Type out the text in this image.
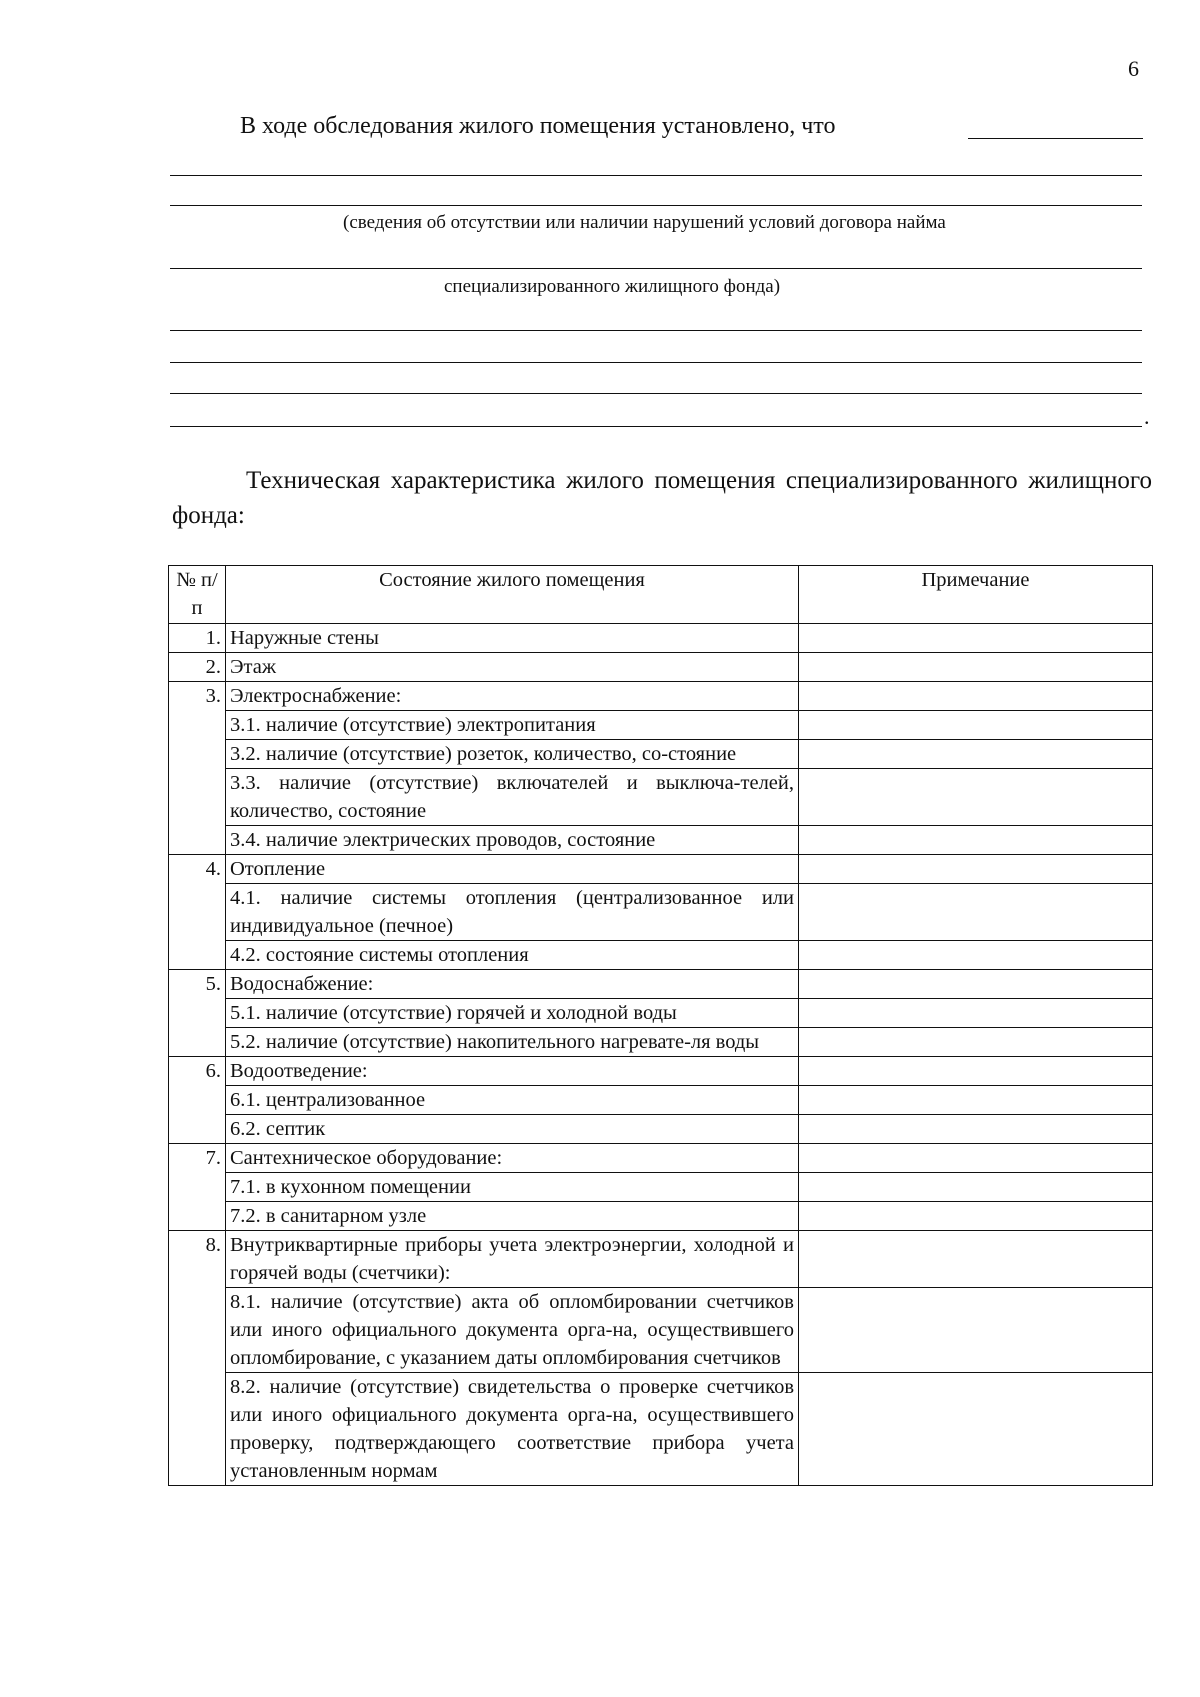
6
В ходе обследования жилого помещения установлено, что
(сведения об отсутствии или наличии нарушений условий договора найма
специализированного жилищного фонда)
.
Техническая характеристика жилого помещения специализированного жилищного фонда:
№ п/п	Состояние жилого помещения	Примечание
1.	Наружные стены	
2.	Этаж	
3.	Электроснабжение:	
	3.1. наличие (отсутствие) электропитания	
	3.2. наличие (отсутствие) розеток, количество, со-стояние	
	3.3. наличие (отсутствие) включателей и выключа-телей, количество, состояние	
	3.4. наличие электрических проводов, состояние	
4.	Отопление	
	4.1. наличие системы отопления (централизованное или индивидуальное (печное)	
	4.2. состояние системы отопления	
5.	Водоснабжение:	
	5.1. наличие (отсутствие) горячей и холодной воды	
	5.2. наличие (отсутствие) накопительного нагревате-ля воды	
6.	Водоотведение:	
	6.1. централизованное	
	6.2. септик	
7.	Сантехническое оборудование:	
	7.1. в кухонном помещении	
	7.2. в санитарном узле	
8.	Внутриквартирные приборы учета электроэнергии, холодной и горячей воды (счетчики):	
	8.1. наличие (отсутствие) акта об опломбировании счетчиков или иного официального документа орга-на, осуществившего опломбирование, с указанием даты опломбирования счетчиков	
	8.2. наличие (отсутствие) свидетельства о проверке счетчиков или иного официального документа орга-на, осуществившего проверку, подтверждающего соответствие прибора учета установленным нормам	
